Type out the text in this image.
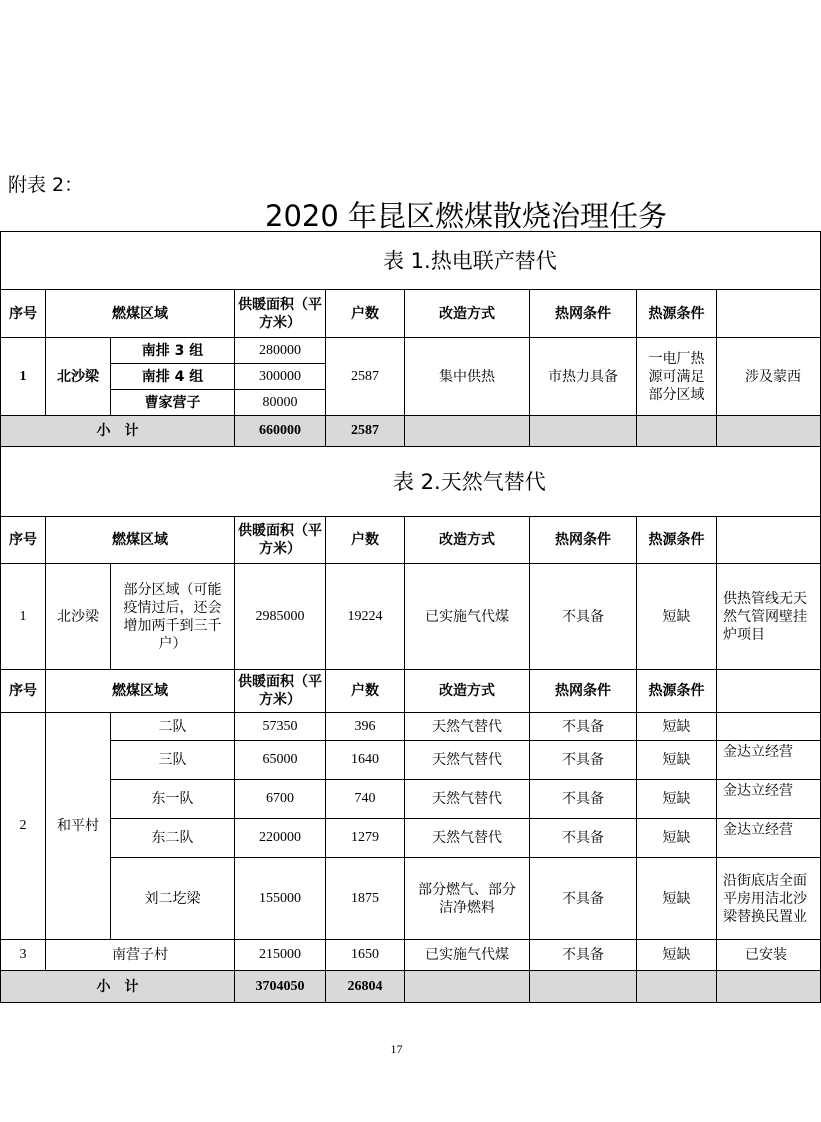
附表 2：
2020 年昆区燃煤散烧治理任务
表 1.热电联产替代								
序号	燃煤区域		供暖面积（平方米）	户数	改造方式	热网条件	热源条件	
1	北沙梁	南排 3 组	280000	2587	集中供热	市热力具备	一电厂热源可满足部分区域	涉及蒙西
		南排 4 组	300000					
		曹家营子	80000					
小　计			660000	2587				
表 2.天然气替代								
序号	燃煤区域		供暖面积（平方米）	户数	改造方式	热网条件	热源条件	
1	北沙梁	部分区域（可能疫情过后，还会增加两千到三千户）	2985000	19224	已实施气代煤	不具备	短缺	供热管线无天然气管网壁挂炉项目
序号	燃煤区域		供暖面积（平方米）	户数	改造方式	热网条件	热源条件	
2	和平村	二队	57350	396	天然气替代	不具备	短缺	
		三队	65000	1640	天然气替代	不具备	短缺	金达立经营
		东一队	6700	740	天然气替代	不具备	短缺	金达立经营
		东二队	220000	1279	天然气替代	不具备	短缺	金达立经营
		刘二圪梁	155000	1875	部分燃气、部分洁净燃料	不具备	短缺	沿街底店全面平房用洁北沙梁替换民置业
3	南营子村		215000	1650	已实施气代煤	不具备	短缺	已安装
小　计			3704050	26804				
17
